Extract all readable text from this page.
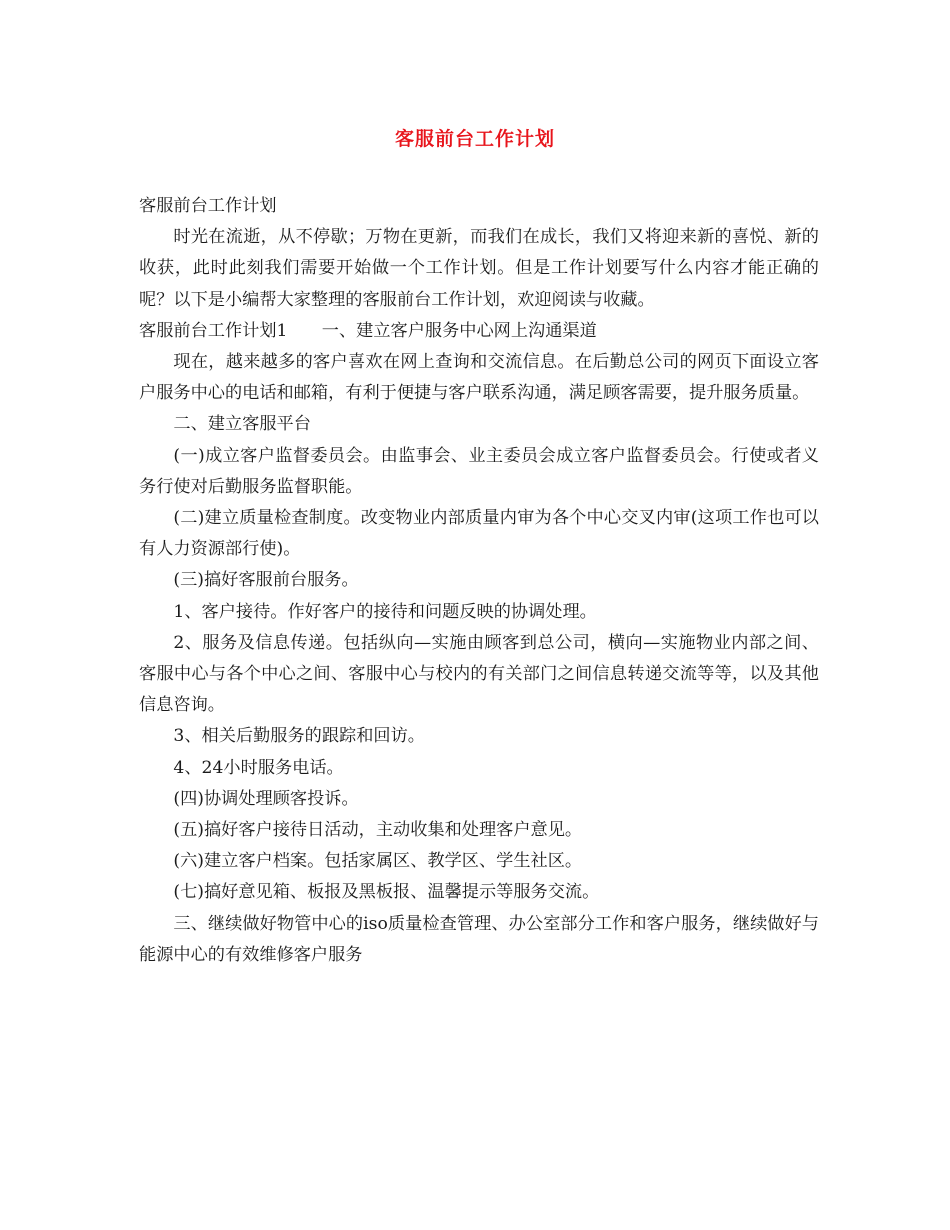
客服前台工作计划

客服前台工作计划

时光在流逝，从不停歇；万物在更新，而我们在成长，我们又将迎来新的喜悦、新的收获，此时此刻我们需要开始做一个工作计划。但是工作计划要写什么内容才能正确的呢？以下是小编帮大家整理的客服前台工作计划，欢迎阅读与收藏。

客服前台工作计划1　　一、建立客户服务中心网上沟通渠道

现在，越来越多的客户喜欢在网上查询和交流信息。在后勤总公司的网页下面设立客户服务中心的电话和邮箱，有利于便捷与客户联系沟通，满足顾客需要，提升服务质量。

二、建立客服平台

(一)成立客户监督委员会。由监事会、业主委员会成立客户监督委员会。行使或者义务行使对后勤服务监督职能。

(二)建立质量检查制度。改变物业内部质量内审为各个中心交叉内审(这项工作也可以有人力资源部行使)。

(三)搞好客服前台服务。

1、客户接待。作好客户的接待和问题反映的协调处理。

2、服务及信息传递。包括纵向—实施由顾客到总公司，横向—实施物业内部之间、客服中心与各个中心之间、客服中心与校内的有关部门之间信息转递交流等等，以及其他信息咨询。

3、相关后勤服务的跟踪和回访。

4、24小时服务电话。

(四)协调处理顾客投诉。

(五)搞好客户接待日活动，主动收集和处理客户意见。

(六)建立客户档案。包括家属区、教学区、学生社区。

(七)搞好意见箱、板报及黑板报、温馨提示等服务交流。

三、继续做好物管中心的iso质量检查管理、办公室部分工作和客户服务，继续做好与能源中心的有效维修客户服务
